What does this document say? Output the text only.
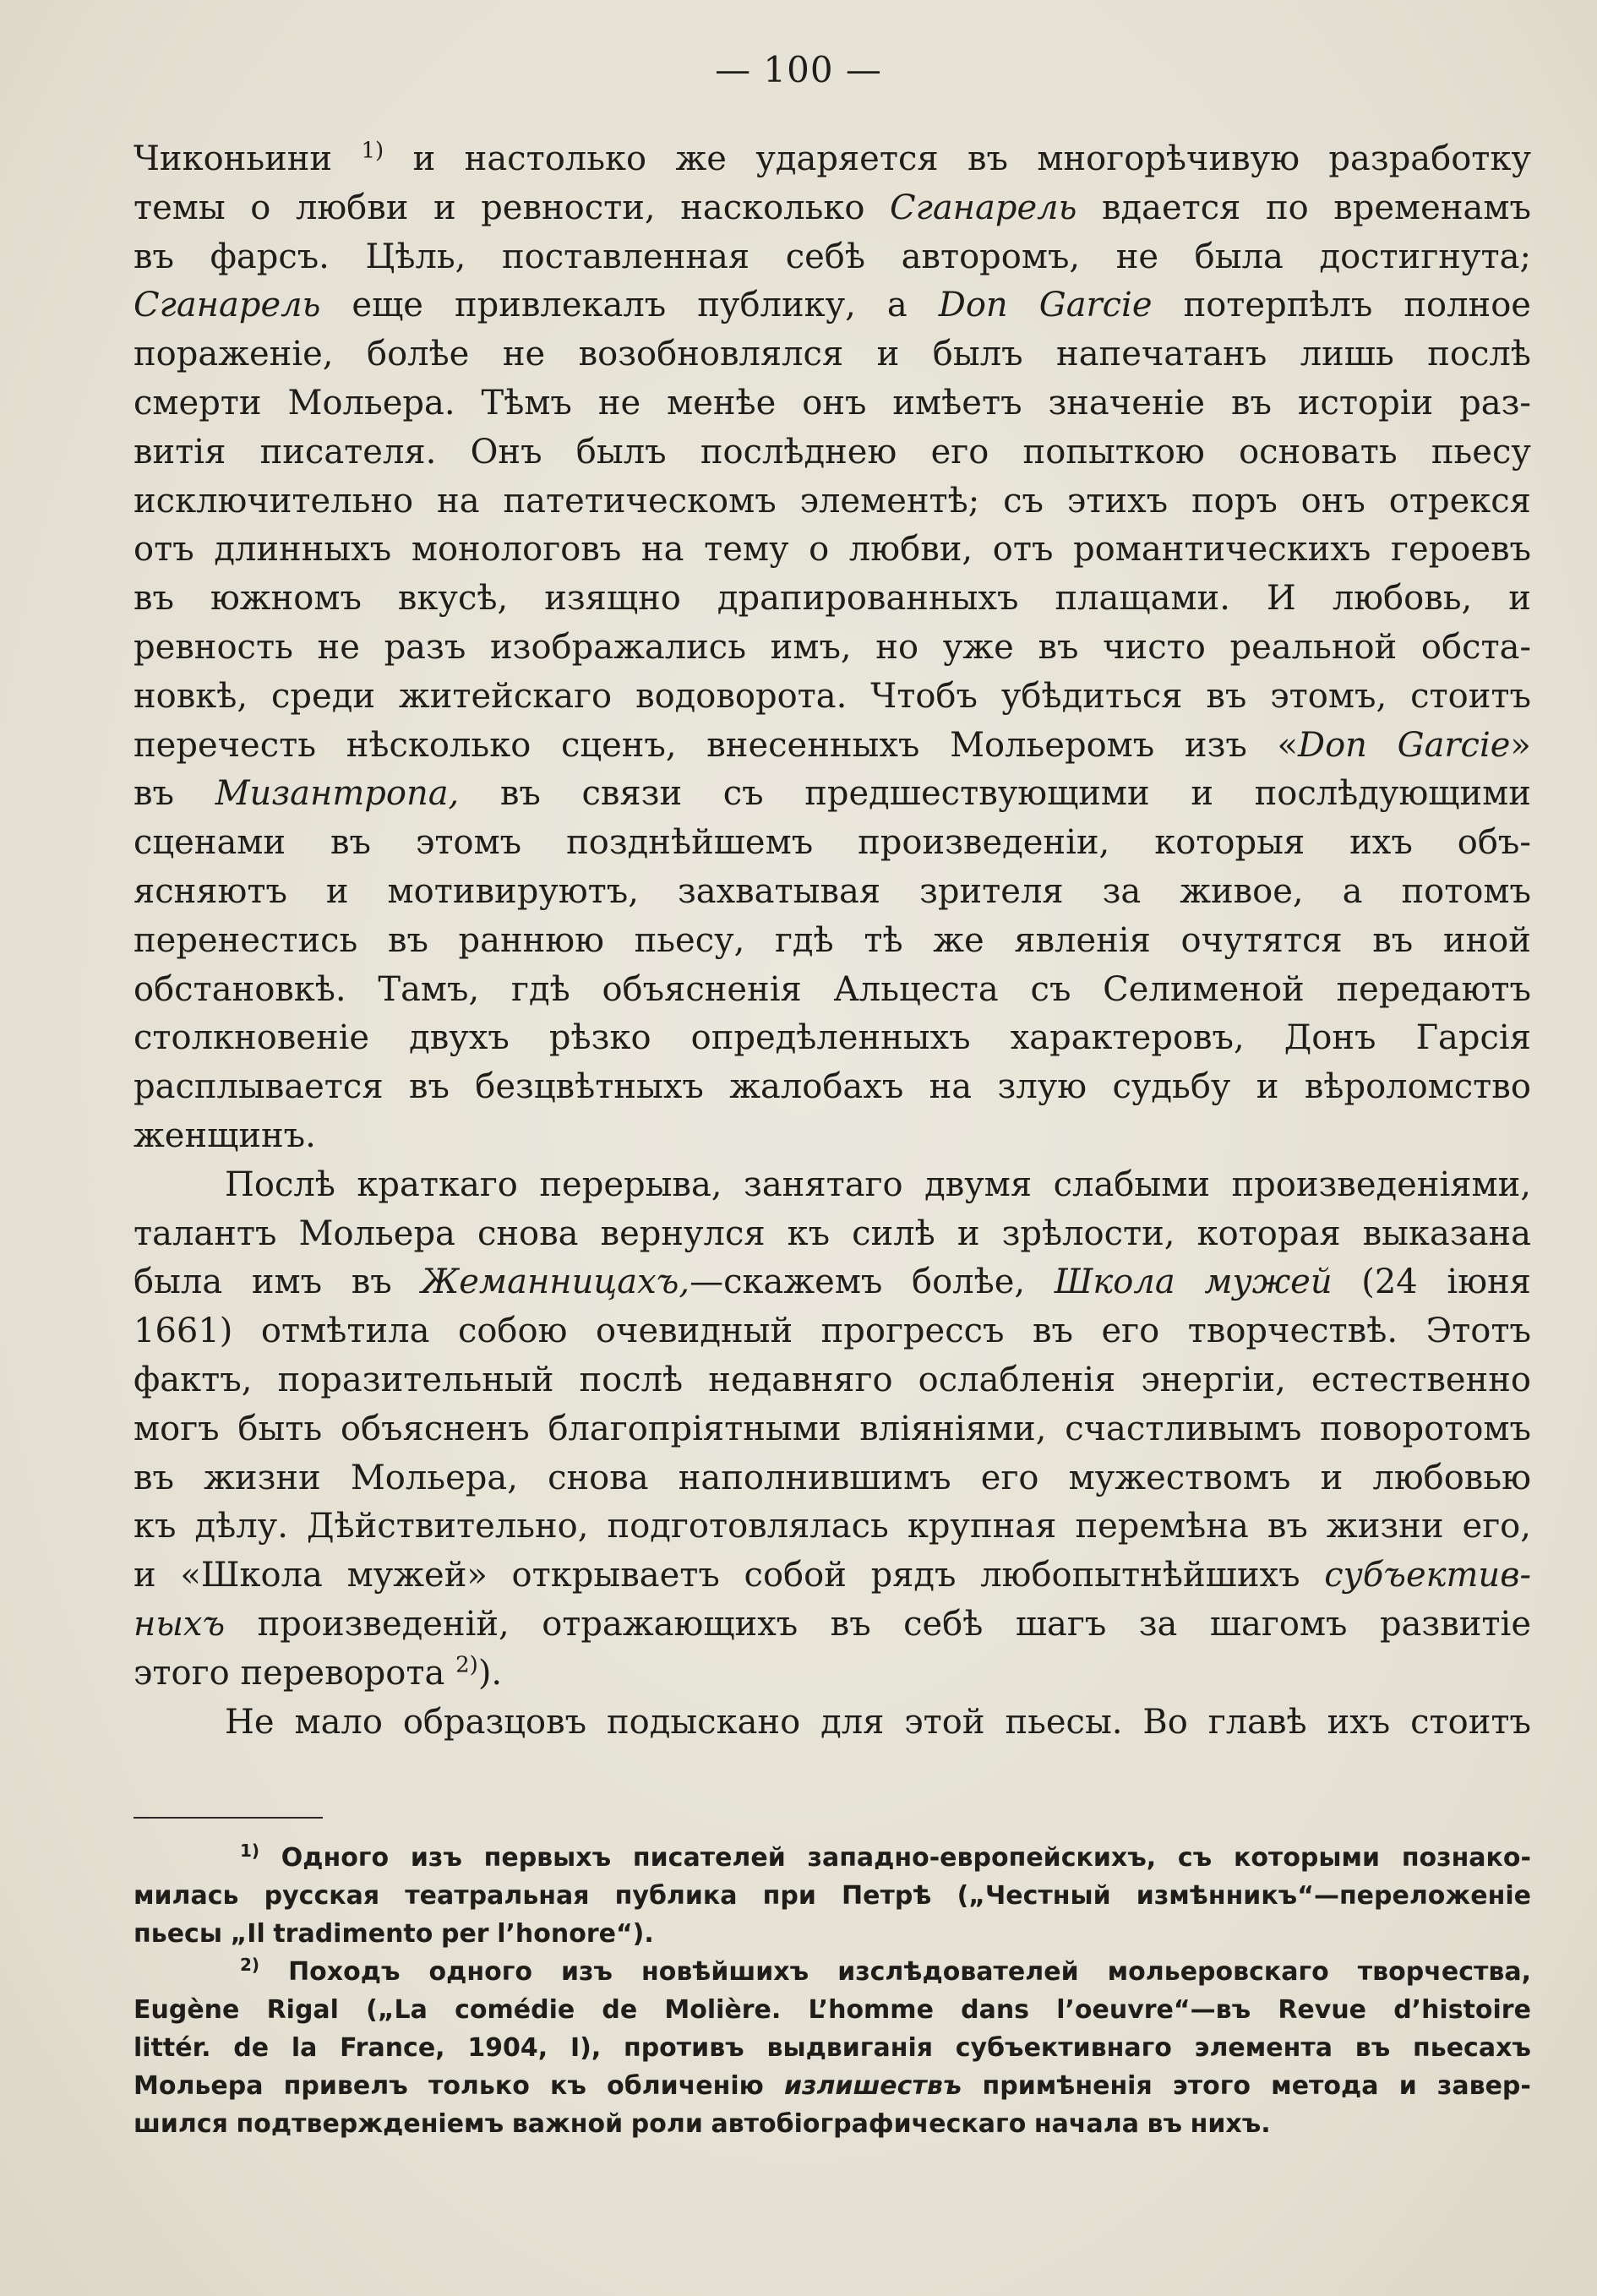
— 100 —
Чиконьини $^{1)}$ и настолько же ударяется въ многорѣчивую разработку
темы о любви и ревности, насколько Сганарель вдается по временамъ
въ фарсъ. Цѣль, поставленная себѣ авторомъ, не была достигнута;
Сганарель еще привлекалъ публику, а Don Garcie потерпѣлъ полное
пораженіе, болѣе не возобновлялся и былъ напечатанъ лишь послѣ
смерти Мольера. Тѣмъ не менѣе онъ имѣетъ значеніе въ исторіи раз-
витія писателя. Онъ былъ послѣднею его попыткою основать пьесу
исключительно на патетическомъ элементѣ; съ этихъ поръ онъ отрекся
отъ длинныхъ монологовъ на тему о любви, отъ романтическихъ героевъ
въ южномъ вкусѣ, изящно драпированныхъ плащами. И любовь, и
ревность не разъ изображались имъ, но уже въ чисто реальной обста-
новкѣ, среди житейскаго водоворота. Чтобъ убѣдиться въ этомъ, стоитъ
перечесть нѣсколько сценъ, внесенныхъ Мольеромъ изъ «Don Garcie»
въ Мизантропа, въ связи съ предшествующими и послѣдующими
сценами въ этомъ позднѣйшемъ произведеніи, которыя ихъ объ-
ясняютъ и мотивируютъ, захватывая зрителя за живое, а потомъ
перенестись въ раннюю пьесу, гдѣ тѣ же явленія очутятся въ иной
обстановкѣ. Тамъ, гдѣ объясненія Альцеста съ Селименой передаютъ
столкновеніе двухъ рѣзко опредѣленныхъ характеровъ, Донъ Гарсія
расплывается въ безцвѣтныхъ жалобахъ на злую судьбу и вѣроломство
женщинъ.
Послѣ краткаго перерыва, занятаго двумя слабыми произведеніями,
талантъ Мольера снова вернулся къ силѣ и зрѣлости, которая выказана
была имъ въ Жеманницахъ,—скажемъ болѣе, Школа мужей (24 іюня
1661) отмѣтила собою очевидный прогрессъ въ его творчествѣ. Этотъ
фактъ, поразительный послѣ недавняго ослабленія энергіи, естественно
могъ быть объясненъ благопріятными вліяніями, счастливымъ поворотомъ
въ жизни Мольера, снова наполнившимъ его мужествомъ и любовью
къ дѣлу. Дѣйствительно, подготовлялась крупная перемѣна въ жизни его,
и «Школа мужей» открываетъ собой рядъ любопытнѣйшихъ субъектив-
ныхъ произведеній, отражающихъ въ себѣ шагъ за шагомъ развитіе
этого переворота $^{2)}$).
Не мало образцовъ подыскано для этой пьесы. Во главѣ ихъ стоитъ
$^{1)}$ Одного изъ первыхъ писателей западно-европейскихъ, съ которыми познако-
милась русская театральная публика при Петрѣ („Честный измѣнникъ“—переложеніе
пьесы „Il tradimento per l’honore“).
$^{2)}$ Походъ одного изъ новѣйшихъ изслѣдователей мольеровскаго творчества,
Eugène Rigal („La comédie de Molière. L’homme dans l’oeuvre“—въ Revue d’histoire
littér. de la France, 1904, I), противъ выдвиганія субъективнаго элемента въ пьесахъ
Мольера привелъ только къ обличенію излишествъ примѣненія этого метода и завер-
шился подтвержденіемъ важной роли автобіографическаго начала въ нихъ.
